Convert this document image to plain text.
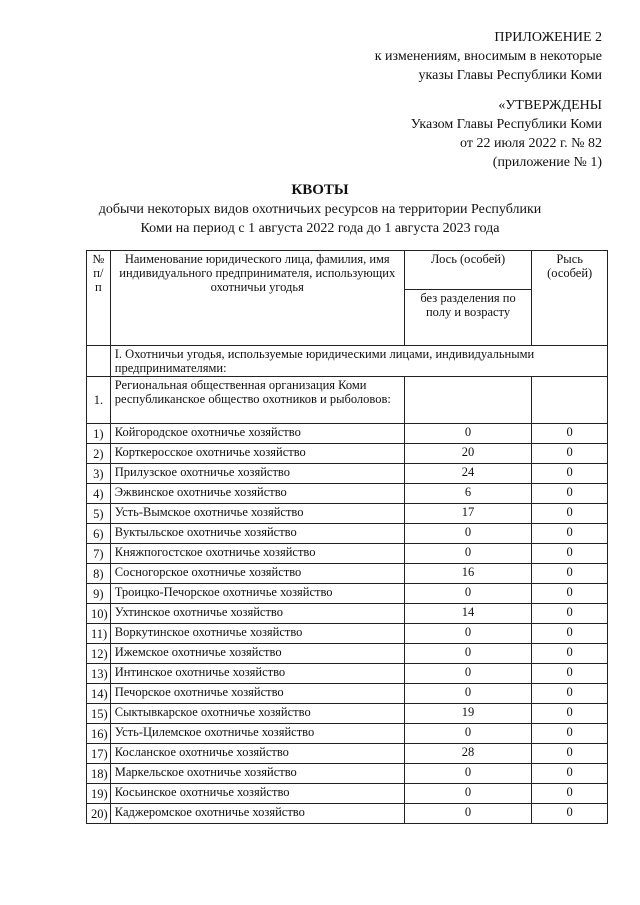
ПРИЛОЖЕНИЕ 2
к изменениям, вносимым в некоторые
указы Главы Республики Коми
«УТВЕРЖДЕНЫ
Указом Главы Республики Коми
от 22 июля 2022 г. № 82
(приложение № 1)
КВОТЫ
добычи некоторых видов охотничьих ресурсов на территории Республики
Коми на период с 1 августа 2022 года до 1 августа 2023 года
№ п/п	Наименование юридического лица, фамилия, имя индивидуального предпринимателя, использующих охотничьи угодья	Лось (особей)	Рысь (особей)
		без разделения по полу и возрасту	
	I. Охотничьи угодья, используемые юридическими лицами, индивидуальными предпринимателями:		
1.	Региональная общественная организация Коми республиканское общество охотников и рыболовов:		
1)	Койгородское охотничье хозяйство	0	0
2)	Корткеросское охотничье хозяйство	20	0
3)	Прилузское охотничье хозяйство	24	0
4)	Эжвинское охотничье хозяйство	6	0
5)	Усть-Вымское охотничье хозяйство	17	0
6)	Вуктыльское охотничье хозяйство	0	0
7)	Княжпогостское охотничье хозяйство	0	0
8)	Сосногорское охотничье хозяйство	16	0
9)	Троицко-Печорское охотничье хозяйство	0	0
10)	Ухтинское охотничье хозяйство	14	0
11)	Воркутинское охотничье хозяйство	0	0
12)	Ижемское охотничье хозяйство	0	0
13)	Интинское охотничье хозяйство	0	0
14)	Печорское охотничье хозяйство	0	0
15)	Сыктывкарское охотничье хозяйство	19	0
16)	Усть-Цилемское охотничье хозяйство	0	0
17)	Косланское охотничье хозяйство	28	0
18)	Маркельское охотничье хозяйство	0	0
19)	Косьинское охотничье хозяйство	0	0
20)	Каджеромское охотничье хозяйство	0	0
